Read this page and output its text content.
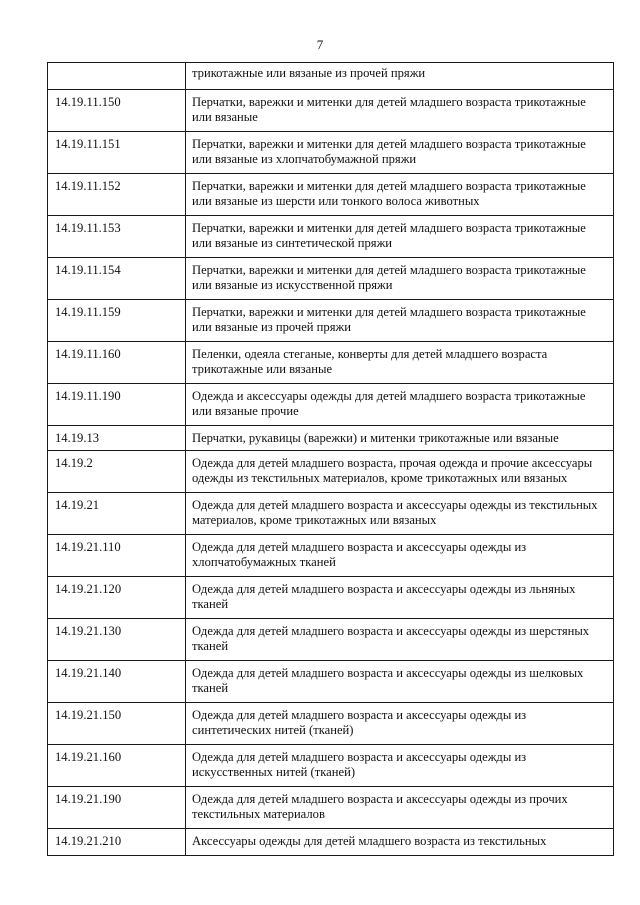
7
	трикотажные или вязаные из прочей пряжи
14.19.11.150	Перчатки, варежки и митенки для детей младшего возраста трикотажные или вязаные
14.19.11.151	Перчатки, варежки и митенки для детей младшего возраста трикотажные или вязаные из хлопчатобумажной пряжи
14.19.11.152	Перчатки, варежки и митенки для детей младшего возраста трикотажные или вязаные из шерсти или тонкого волоса животных
14.19.11.153	Перчатки, варежки и митенки для детей младшего возраста трикотажные или вязаные из синтетической пряжи
14.19.11.154	Перчатки, варежки и митенки для детей младшего возраста трикотажные или вязаные из искусственной пряжи
14.19.11.159	Перчатки, варежки и митенки для детей младшего возраста трикотажные или вязаные из прочей пряжи
14.19.11.160	Пеленки, одеяла стеганые, конверты для детей младшего возраста трикотажные или вязаные
14.19.11.190	Одежда и аксессуары одежды для детей младшего возраста трикотажные или вязаные прочие
14.19.13	Перчатки, рукавицы (варежки) и митенки трикотажные или вязаные
14.19.2	Одежда для детей младшего возраста, прочая одежда и прочие аксессуары одежды из текстильных материалов, кроме трикотажных или вязаных
14.19.21	Одежда для детей младшего возраста и аксессуары одежды из текстильных материалов, кроме трикотажных или вязаных
14.19.21.110	Одежда для детей младшего возраста и аксессуары одежды из хлопчатобумажных тканей
14.19.21.120	Одежда для детей младшего возраста и аксессуары одежды из льняных тканей
14.19.21.130	Одежда для детей младшего возраста и аксессуары одежды из шерстяных тканей
14.19.21.140	Одежда для детей младшего возраста и аксессуары одежды из шелковых тканей
14.19.21.150	Одежда для детей младшего возраста и аксессуары одежды из синтетических нитей (тканей)
14.19.21.160	Одежда для детей младшего возраста и аксессуары одежды из искусственных нитей (тканей)
14.19.21.190	Одежда для детей младшего возраста и аксессуары одежды из прочих текстильных материалов
14.19.21.210	Аксессуары одежды для детей младшего возраста из текстильных
